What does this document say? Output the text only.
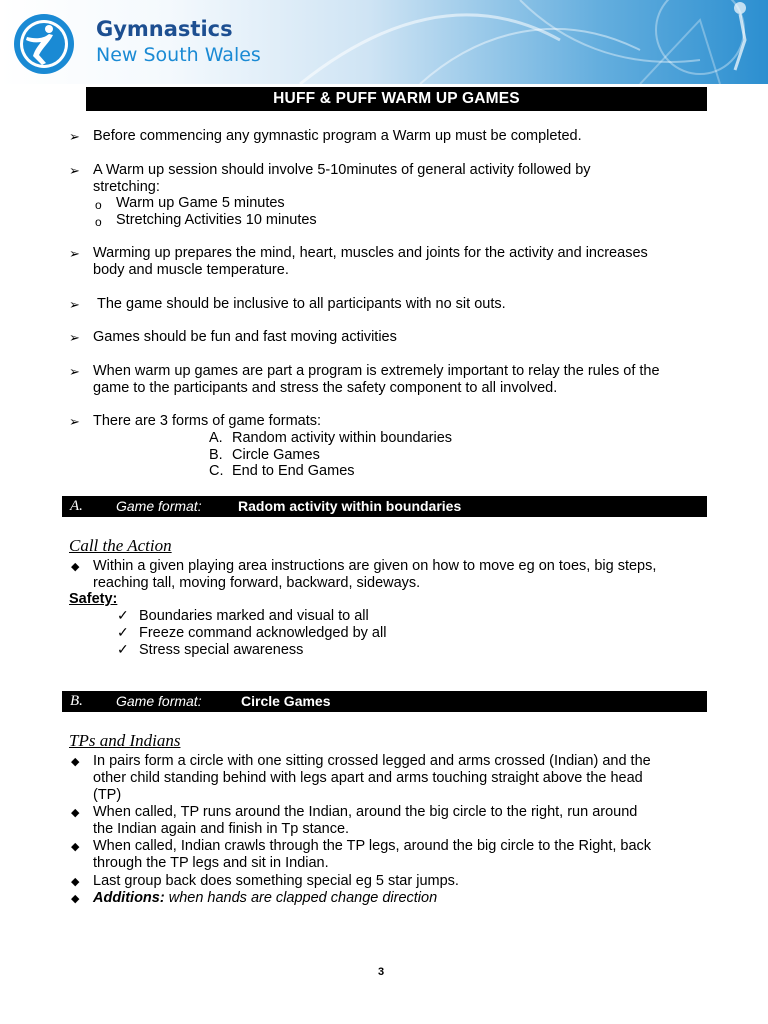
Gymnastics
New South Wales
HUFF & PUFF WARM UP GAMES
➢ Before commencing any gymnastic program a Warm up must be completed.
➢ A Warm up session should involve 5-10minutes of general activity followed by
stretching:
o Warm up Game 5 minutes
o Stretching Activities 10 minutes
➢ Warming up prepares the mind, heart, muscles and joints for the activity and increases
body and muscle temperature.
➢ The game should be inclusive to all participants with no sit outs.
➢ Games should be fun and fast moving activities
➢ When warm up games are part a program is extremely important to relay the rules of the
game to the participants and stress the safety component to all involved.
➢ There are 3 forms of game formats:
A. Random activity within boundaries
B. Circle Games
C. End to End Games
A. Game format:	Radom activity within boundaries
Call the Action
◆ Within a given playing area instructions are given on how to move eg on toes, big steps,
reaching tall, moving forward, backward, sideways.
Safety:
✓ Boundaries marked and visual to all
✓ Freeze command acknowledged by all
✓ Stress special awareness
B. Game format:	Circle Games
TPs and Indians
◆ In pairs form a circle with one sitting crossed legged and arms crossed (Indian) and the
other child standing behind with legs apart and arms touching straight above the head
(TP)
◆ When called, TP runs around the Indian, around the big circle to the right, run around
the Indian again and finish in Tp stance.
◆ When called, Indian crawls through the TP legs, around the big circle to the Right, back
through the TP legs and sit in Indian.
◆ Last group back does something special eg 5 star jumps.
◆ Additions: when hands are clapped change direction
3
